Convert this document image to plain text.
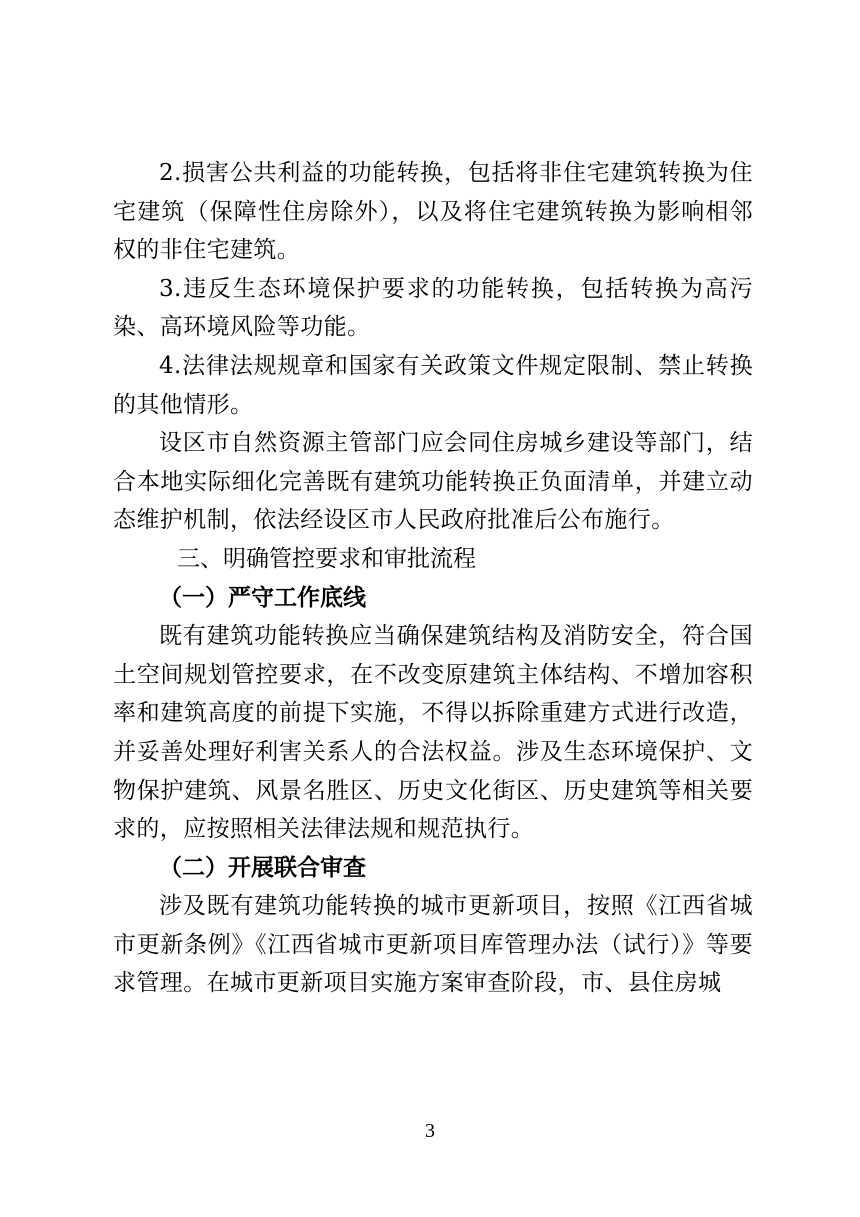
2.损害公共利益的功能转换，包括将非住宅建筑转换为住宅建筑（保障性住房除外），以及将住宅建筑转换为影响相邻权的非住宅建筑。

3.违反生态环境保护要求的功能转换，包括转换为高污染、高环境风险等功能。

4.法律法规规章和国家有关政策文件规定限制、禁止转换的其他情形。

设区市自然资源主管部门应会同住房城乡建设等部门，结合本地实际细化完善既有建筑功能转换正负面清单，并建立动态维护机制，依法经设区市人民政府批准后公布施行。

三、明确管控要求和审批流程

（一）严守工作底线

既有建筑功能转换应当确保建筑结构及消防安全，符合国土空间规划管控要求，在不改变原建筑主体结构、不增加容积率和建筑高度的前提下实施，不得以拆除重建方式进行改造，并妥善处理好利害关系人的合法权益。涉及生态环境保护、文物保护建筑、风景名胜区、历史文化街区、历史建筑等相关要求的，应按照相关法律法规和规范执行。

（二）开展联合审查

涉及既有建筑功能转换的城市更新项目，按照《江西省城市更新条例》《江西省城市更新项目库管理办法（试行）》等要求管理。在城市更新项目实施方案审查阶段，市、县住房城

3
